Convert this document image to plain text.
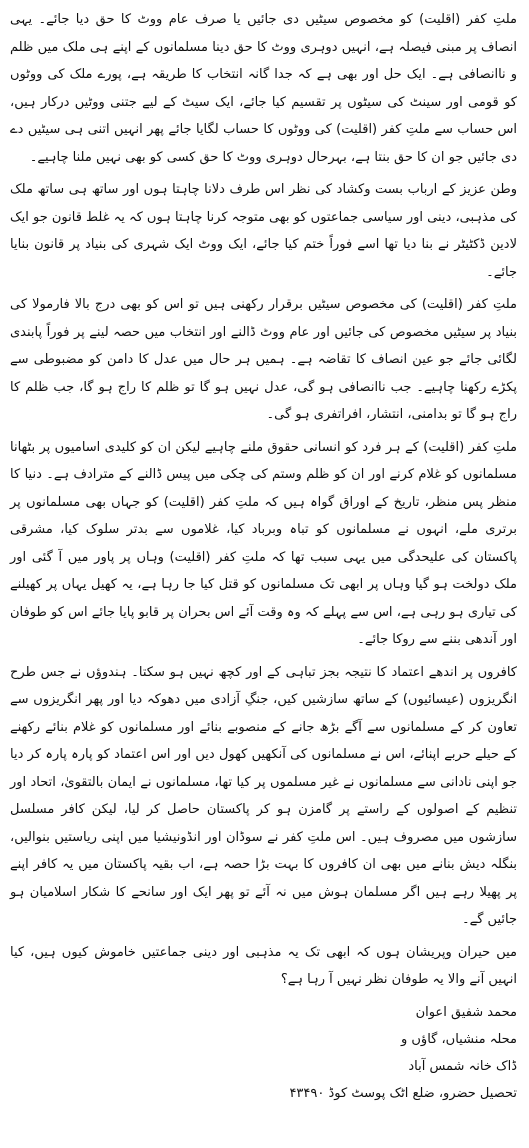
ملتِ کفر (اقلیت) کو مخصوص سیٹیں دی جائیں یا صرف عام ووٹ کا حق دیا جائے۔ یہی انصاف پر مبنی فیصلہ ہے، انہیں دوہری ووٹ کا حق دینا مسلمانوں کے اپنے ہی ملک میں ظلم و ناانصافی ہے۔ ایک حل اور بھی ہے کہ جدا گانہ انتخاب کا طریقہ ہے، پورے ملک کی ووٹوں کو قومی اور سینٹ کی سیٹوں پر تقسیم کیا جائے، ایک سیٹ کے لیے جتنی ووٹیں درکار ہیں، اس حساب سے ملتِ کفر (اقلیت) کی ووٹوں کا حساب لگایا جائے پھر انہیں اتنی ہی سیٹیں دے دی جائیں جو ان کا حق بنتا ہے، بہرحال دوہری ووٹ کا حق کسی کو بھی نہیں ملنا چاہیے۔

وطن عزیز کے ارباب بست وکشاد کی نظر اس طرف دلانا چاہتا ہوں اور ساتھ ہی ساتھ ملک کی مذہبی، دینی اور سیاسی جماعتوں کو بھی متوجہ کرنا چاہتا ہوں کہ یہ غلط قانون جو ایک لادین ڈکٹیٹر نے بنا دیا تھا اسے فوراً ختم کیا جائے، ایک ووٹ ایک شہری کی بنیاد پر قانون بنایا جائے۔

ملتِ کفر (اقلیت) کی مخصوص سیٹیں برقرار رکھنی ہیں تو اس کو بھی درج بالا فارمولا کی بنیاد پر سیٹیں مخصوص کی جائیں اور عام ووٹ ڈالنے اور انتخاب میں حصہ لینے پر فوراً پابندی لگائی جائے جو عین انصاف کا تقاضہ ہے۔ ہمیں ہر حال میں عدل کا دامن کو مضبوطی سے پکڑے رکھنا چاہیے۔ جب ناانصافی ہو گی، عدل نہیں ہو گا تو ظلم کا راج ہو گا، جب ظلم کا راج ہو گا تو بدامنی، انتشار، افراتفری ہو گی۔

ملتِ کفر (اقلیت) کے ہر فرد کو انسانی حقوق ملنے چاہیے لیکن ان کو کلیدی اسامیوں پر بٹھانا مسلمانوں کو غلام کرنے اور ان کو ظلم وستم کی چکی میں پیس ڈالنے کے مترادف ہے۔ دنیا کا منظر پس منظر، تاریخ کے اوراق گواہ ہیں کہ ملتِ کفر (اقلیت) کو جہاں بھی مسلمانوں پر برتری ملے، انہوں نے مسلمانوں کو تباہ وبرباد کیا، غلاموں سے بدتر سلوک کیا، مشرقی پاکستان کی علیحدگی میں یہی سبب تھا کہ ملتِ کفر (اقلیت) وہاں پر پاور میں آ گئی اور ملک دولخت ہو گیا وہاں پر ابھی تک مسلمانوں کو قتل کیا جا رہا ہے، یہ کھیل یہاں پر کھیلنے کی تیاری ہو رہی ہے، اس سے پہلے کہ وہ وقت آئے اس بحران پر قابو پایا جائے اس کو طوفان اور آندھی بننے سے روکا جائے۔

کافروں پر اندھے اعتماد کا نتیجہ بجز تباہی کے اور کچھ نہیں ہو سکتا۔ ہندوؤں نے جس طرح انگریزوں (عیسائیوں) کے ساتھ سازشیں کیں، جنگِ آزادی میں دھوکہ دیا اور پھر انگریزوں سے تعاون کر کے مسلمانوں سے آگے بڑھ جانے کے منصوبے بنائے اور مسلمانوں کو غلام بنائے رکھنے کے حیلے حربے اپنائے، اس نے مسلمانوں کی آنکھیں کھول دیں اور اس اعتماد کو پارہ پارہ کر دیا جو اپنی نادانی سے مسلمانوں نے غیر مسلموں پر کیا تھا، مسلمانوں نے ایمان بالتقویٰ، اتحاد اور تنظیم کے اصولوں کے راستے پر گامزن ہو کر پاکستان حاصل کر لیا، لیکن کافر مسلسل سازشوں میں مصروف ہیں۔ اس ملتِ کفر نے سوڈان اور انڈونیشیا میں اپنی ریاستیں بنوالیں، بنگلہ دیش بنانے میں بھی ان کافروں کا بہت بڑا حصہ ہے، اب بقیہ پاکستان میں یہ کافر اپنے پر پھیلا رہے ہیں اگر مسلمان ہوش میں نہ آئے تو پھر ایک اور سانحے کا شکار اسلامیان ہو جائیں گے۔

میں حیران وپریشان ہوں کہ ابھی تک یہ مذہبی اور دینی جماعتیں خاموش کیوں ہیں، کیا انہیں آنے والا یہ طوفان نظر نہیں آ رہا ہے؟

محمد شفیق اعوان
محلہ منشیاں، گاؤں و
ڈاک خانہ شمس آباد
تحصیل حضرو، ضلع اٹک پوسٹ کوڈ ۴۳۴۹۰
